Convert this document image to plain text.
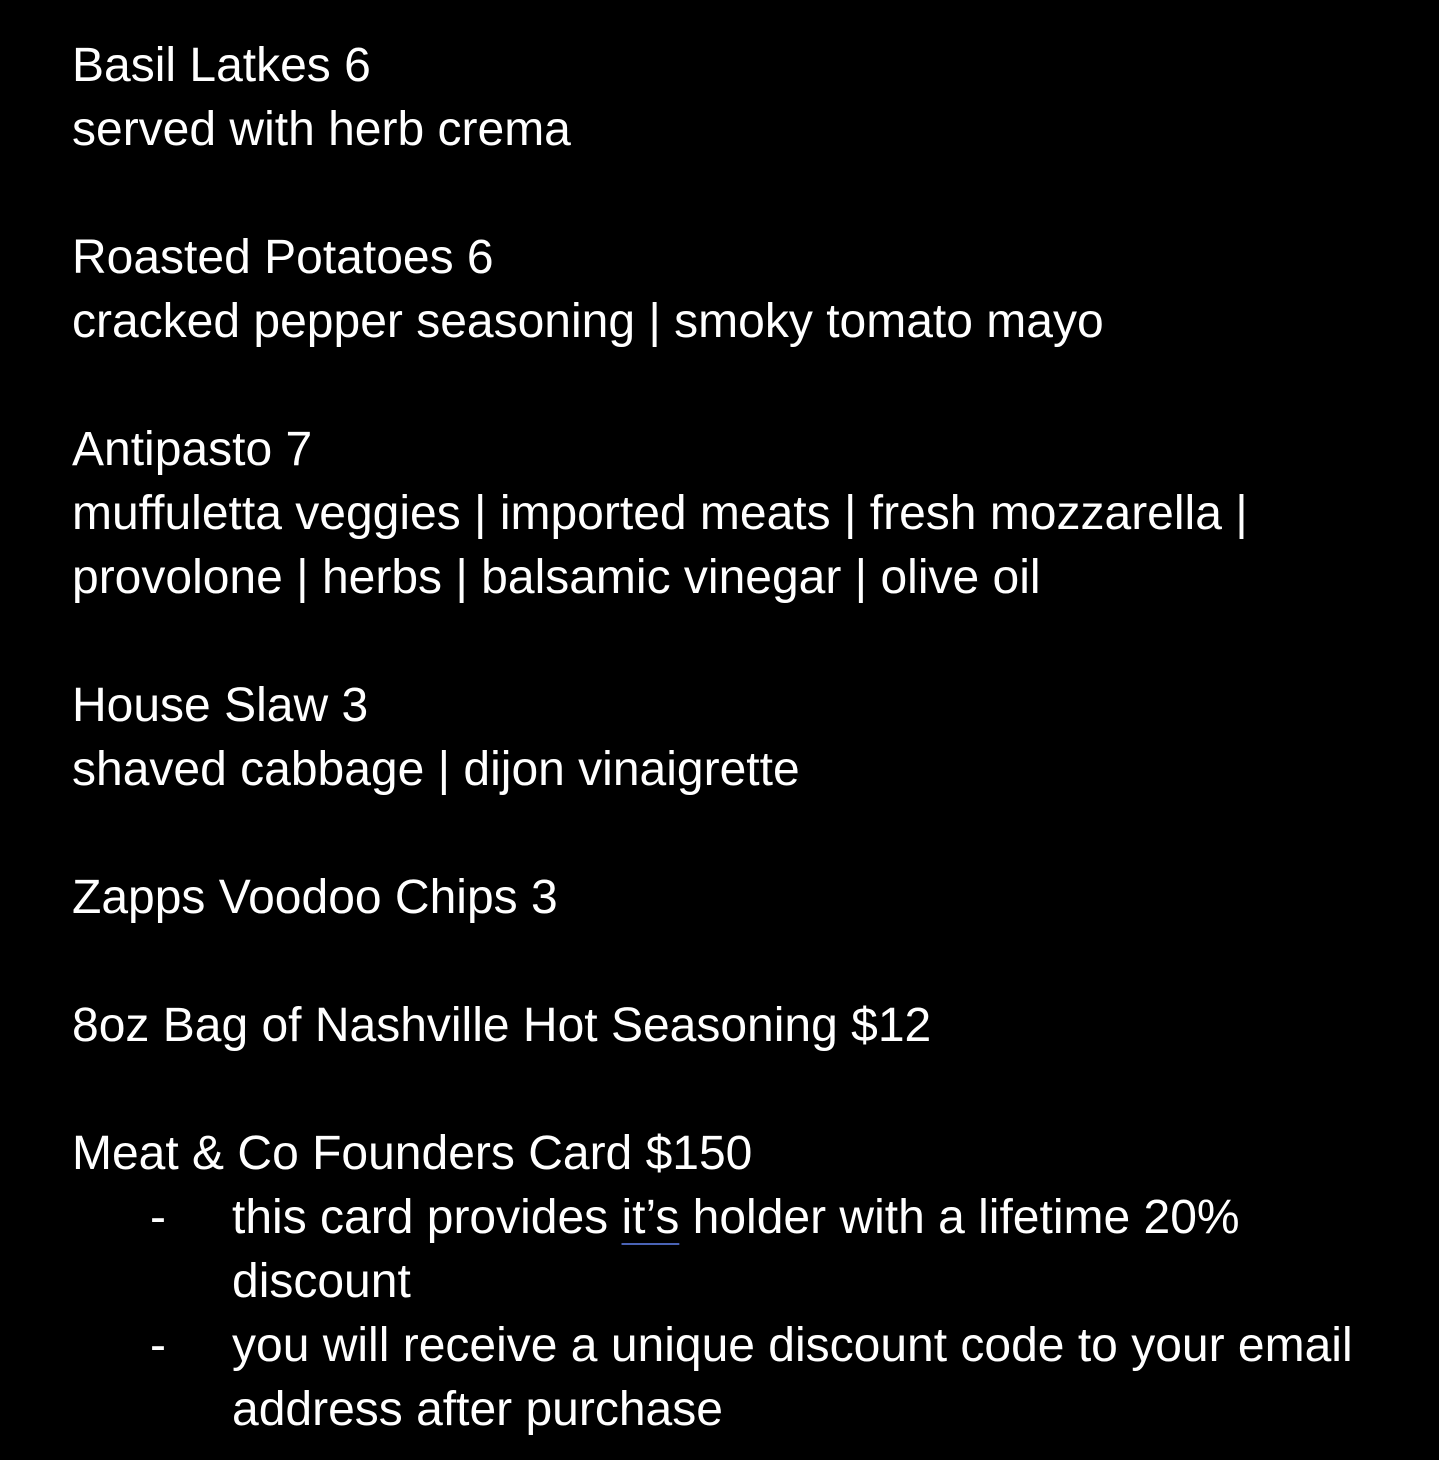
Basil Latkes 6
served with herb crema
Roasted Potatoes 6
cracked pepper seasoning | smoky tomato mayo
Antipasto 7
muffuletta veggies | imported meats | fresh mozzarella |
provolone | herbs | balsamic vinegar | olive oil
House Slaw 3
shaved cabbage | dijon vinaigrette
Zapps Voodoo Chips 3
8oz Bag of Nashville Hot Seasoning $12
Meat & Co Founders Card $150
- this card provides it’s holder with a lifetime 20% discount
- you will receive a unique discount code to your email address after purchase
